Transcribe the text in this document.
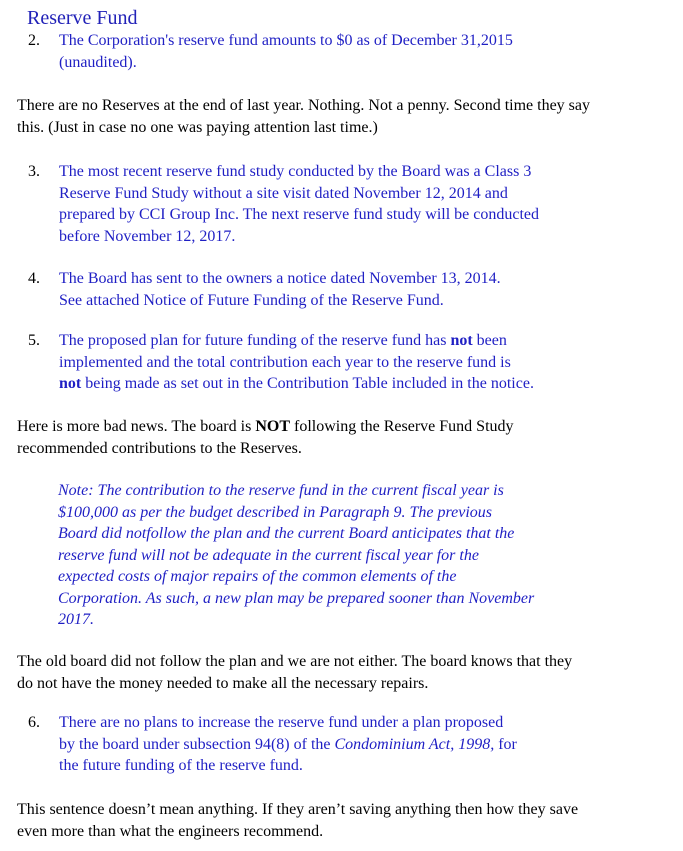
Reserve Fund
2. The Corporation's reserve fund amounts to $0 as of December 31,2015
(unaudited).
There are no Reserves at the end of last year. Nothing. Not a penny. Second time they say
this. (Just in case no one was paying attention last time.)
3. The most recent reserve fund study conducted by the Board was a Class 3
Reserve Fund Study without a site visit dated November 12, 2014 and
prepared by CCI Group Inc. The next reserve fund study will be conducted
before November 12, 2017.
4. The Board has sent to the owners a notice dated November 13, 2014.
See attached Notice of Future Funding of the Reserve Fund.
5. The proposed plan for future funding of the reserve fund has not been
implemented and the total contribution each year to the reserve fund is
not being made as set out in the Contribution Table included in the notice.
Here is more bad news. The board is NOT following the Reserve Fund Study
recommended contributions to the Reserves.
Note: The contribution to the reserve fund in the current fiscal year is
$100,000 as per the budget described in Paragraph 9. The previous
Board did notfollow the plan and the current Board anticipates that the
reserve fund will not be adequate in the current fiscal year for the
expected costs of major repairs of the common elements of the
Corporation. As such, a new plan may be prepared sooner than November
2017.
The old board did not follow the plan and we are not either. The board knows that they
do not have the money needed to make all the necessary repairs.
6. There are no plans to increase the reserve fund under a plan proposed
by the board under subsection 94(8) of the Condominium Act, 1998, for
the future funding of the reserve fund.
This sentence doesn’t mean anything. If they aren’t saving anything then how they save
even more than what the engineers recommend.
